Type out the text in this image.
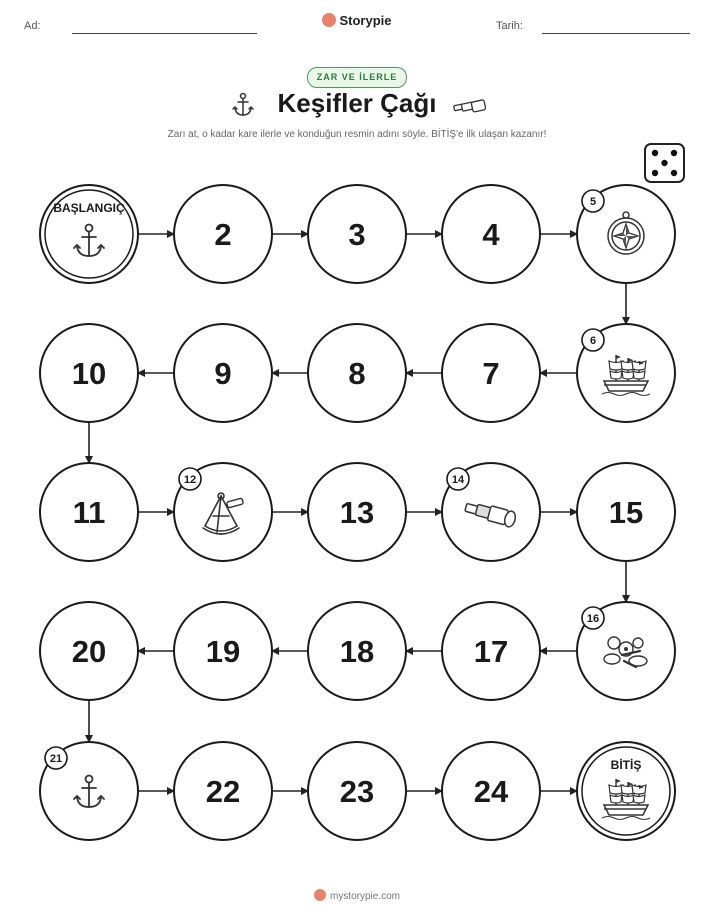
Ad:	Storypie	Tarih:
ZAR VE İLERLE
Keşifler Çağı
Zarı at, o kadar kare ilerle ve konduğun resmin adını söyle. BİTİŞ'e ilk ulaşan kazanır!
BAŞLANGIÇ
2	3	4
5
6
7
8
9
10
11
12
13
14
15
16
17
18
19
20
21
22	23	24
BİTİŞ
mystorypie.com
